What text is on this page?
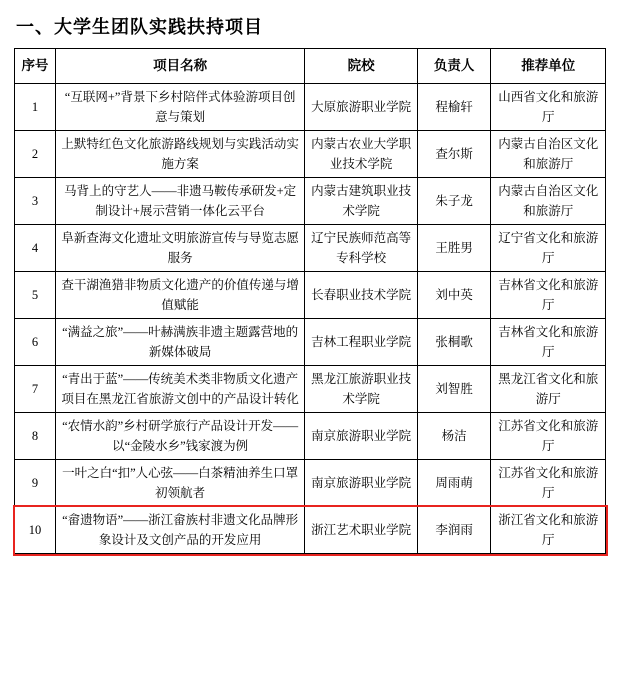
一、大学生团队实践扶持项目
序号	项目名称	院校	负责人	推荐单位
1	“互联网+”背景下乡村陪伴式体验游项目创意与策划	大原旅游职业学院	程榆轩	山西省文化和旅游厅
2	上默特红色文化旅游路线规划与实践活动实施方案	内蒙古农业大学职业技术学院	查尔斯	内蒙古自治区文化和旅游厅
3	马背上的守艺人——非遗马鞍传承研发+定制设计+展示营销一体化云平台	内蒙古建筑职业技术学院	朱子龙	内蒙古自治区文化和旅游厅
4	阜新查海文化遗址文明旅游宣传与导览志愿服务	辽宁民族师范高等专科学校	王胜男	辽宁省文化和旅游厅
5	查干湖渔猎非物质文化遗产的价值传递与增值赋能	长春职业技术学院	刘中英	吉林省文化和旅游厅
6	“满益之旅”——叶赫满族非遗主题露营地的新媒体破局	吉林工程职业学院	张桐歌	吉林省文化和旅游厅
7	“青出于蓝”——传统美术类非物质文化遗产项目在黑龙江省旅游文创中的产品设计转化	黑龙江旅游职业技术学院	刘智胜	黑龙江省文化和旅游厅
8	“农情水韵”乡村研学旅行产品设计开发——以“金陵水乡”钱家渡为例	南京旅游职业学院	杨洁	江苏省文化和旅游厅
9	一叶之白“扣”人心弦——白茶精油养生口罩初领航者	南京旅游职业学院	周雨萌	江苏省文化和旅游厅
10	“畲遗物语”——浙江畲族村非遗文化品牌形象设计及文创产品的开发应用	浙江艺术职业学院	李润雨	浙江省文化和旅游厅
